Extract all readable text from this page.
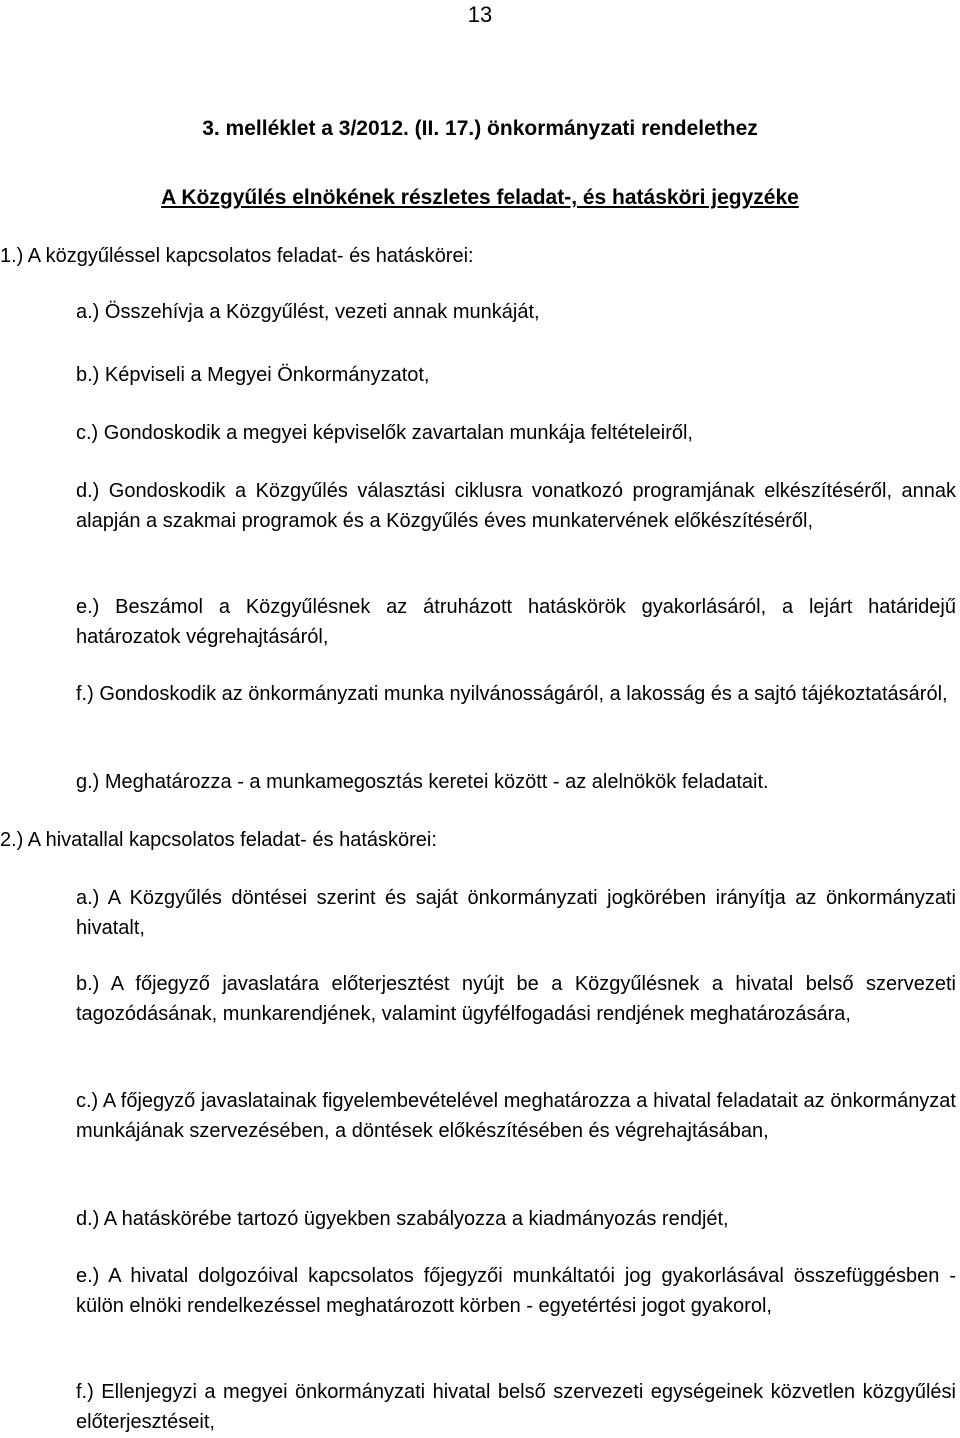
13
3. melléklet a 3/2012. (II. 17.) önkormányzati rendelethez
A Közgyűlés elnökének részletes feladat-, és hatásköri jegyzéke
1.) A közgyűléssel kapcsolatos feladat- és hatáskörei:
a.) Összehívja a Közgyűlést, vezeti annak munkáját,
b.) Képviseli a Megyei Önkormányzatot,
c.) Gondoskodik a megyei képviselők zavartalan munkája feltételeiről,
d.) Gondoskodik a Közgyűlés választási ciklusra vonatkozó programjának elkészítéséről, annak alapján a szakmai programok és a Közgyűlés éves munkatervének előkészítéséről,
e.) Beszámol a Közgyűlésnek az átruházott hatáskörök gyakorlásáról, a lejárt határidejű határozatok végrehajtásáról,
f.) Gondoskodik az önkormányzati munka nyilvánosságáról, a lakosság és a sajtó tájékoztatásáról,
g.) Meghatározza - a munkamegosztás keretei között - az alelnökök feladatait.
2.) A hivatallal kapcsolatos feladat- és hatáskörei:
a.) A Közgyűlés döntései szerint és saját önkormányzati jogkörében irányítja az önkormányzati hivatalt,
b.) A főjegyző javaslatára előterjesztést nyújt be a Közgyűlésnek a hivatal belső szervezeti tagozódásának, munkarendjének, valamint ügyfélfogadási rendjének meghatározására,
c.) A főjegyző javaslatainak figyelembevételével meghatározza a hivatal feladatait az önkormányzat munkájának szervezésében, a döntések előkészítésében és végrehajtásában,
d.) A hatáskörébe tartozó ügyekben szabályozza a kiadmányozás rendjét,
e.) A hivatal dolgozóival kapcsolatos főjegyzői munkáltatói jog gyakorlásával összefüggésben - külön elnöki rendelkezéssel meghatározott körben - egyetértési jogot gyakorol,
f.) Ellenjegyzi a megyei önkormányzati hivatal belső szervezeti egységeinek közvetlen közgyűlési előterjesztéseit,
